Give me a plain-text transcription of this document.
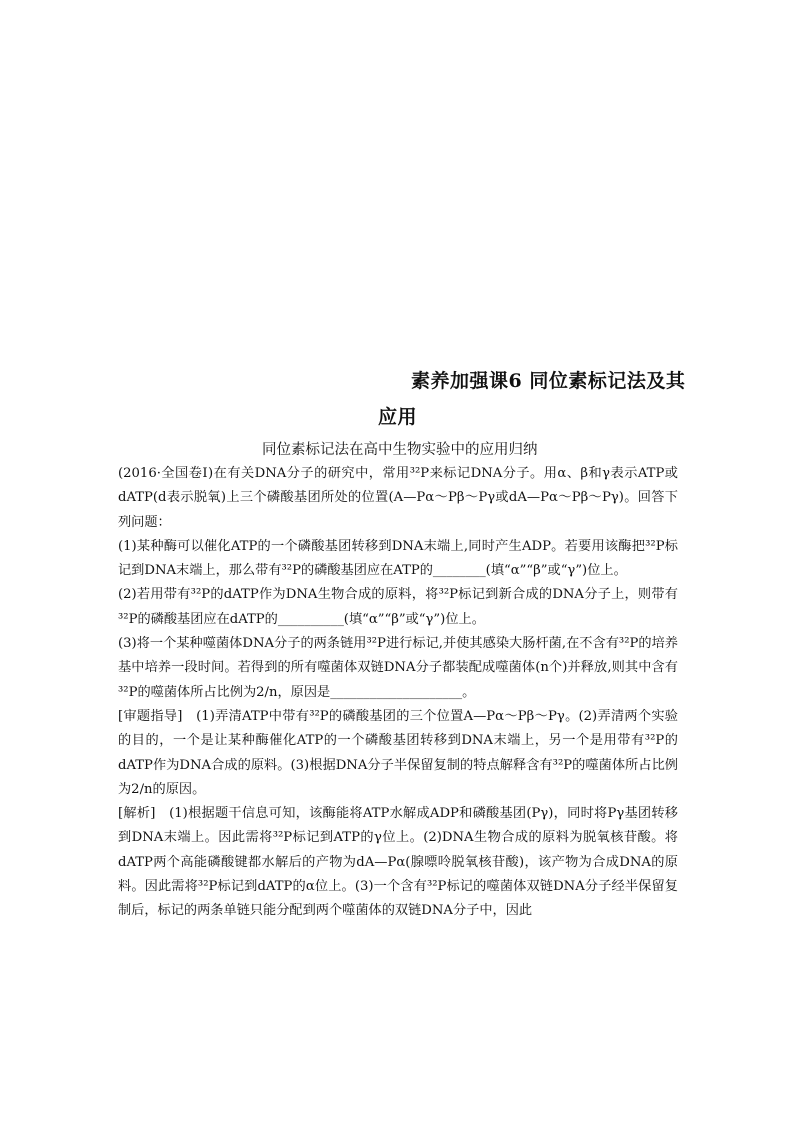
素养加强课6 同位素标记法及其
应用
同位素标记法在高中生物实验中的应用归纳

(2016·全国卷Ⅰ)在有关DNA分子的研究中，常用³²P来标记DNA分子。用α、β和γ表示ATP或dATP(d表示脱氧)上三个磷酸基团所处的位置(A—Pα～Pβ～Pγ或dA—Pα～Pβ～Pγ)。回答下列问题：

(1)某种酶可以催化ATP的一个磷酸基团转移到DNA末端上,同时产生ADP。若要用该酶把³²P标记到DNA末端上，那么带有³²P的磷酸基团应在ATP的________(填“α”“β”或“γ”)位上。

(2)若用带有³²P的dATP作为DNA生物合成的原料，将³²P标记到新合成的DNA分子上，则带有³²P的磷酸基团应在dATP的__________(填“α”“β”或“γ”)位上。

(3)将一个某种噬菌体DNA分子的两条链用³²P进行标记,并使其感染大肠杆菌,在不含有³²P的培养基中培养一段时间。若得到的所有噬菌体双链DNA分子都装配成噬菌体(n个)并释放,则其中含有³²P的噬菌体所占比例为2/n，原因是____________________。

[审题指导]　(1)弄清ATP中带有³²P的磷酸基团的三个位置A—Pα～Pβ～Pγ。(2)弄清两个实验的目的，一个是让某种酶催化ATP的一个磷酸基团转移到DNA末端上，另一个是用带有³²P的dATP作为DNA合成的原料。(3)根据DNA分子半保留复制的特点解释含有³²P的噬菌体所占比例为2/n的原因。

[解析]　(1)根据题干信息可知，该酶能将ATP水解成ADP和磷酸基团(Pγ)，同时将Pγ基团转移到DNA末端上。因此需将³²P标记到ATP的γ位上。(2)DNA生物合成的原料为脱氧核苷酸。将dATP两个高能磷酸键都水解后的产物为dA—Pα(腺嘌呤脱氧核苷酸)，该产物为合成DNA的原料。因此需将³²P标记到dATP的α位上。(3)一个含有³²P标记的噬菌体双链DNA分子经半保留复制后，标记的两条单链只能分配到两个噬菌体的双链DNA分子中，因此
